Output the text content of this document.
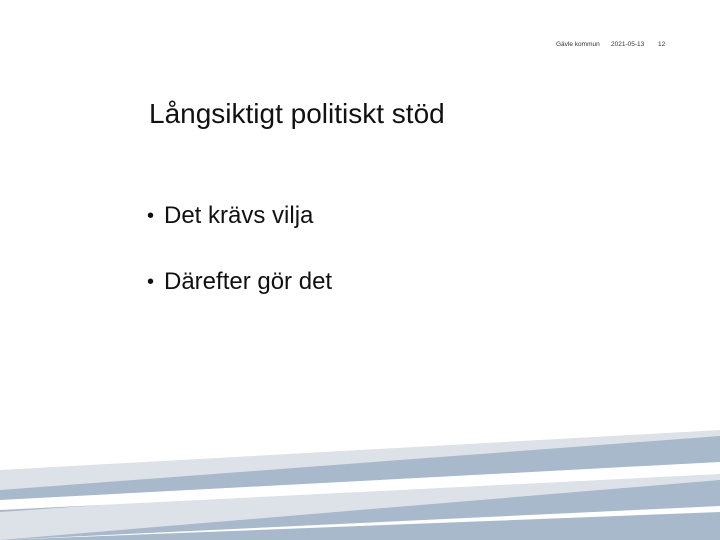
Gävle kommun 2021-05-13 12
Långsiktigt politiskt stöd
• Det krävs vilja
• Därefter gör det
